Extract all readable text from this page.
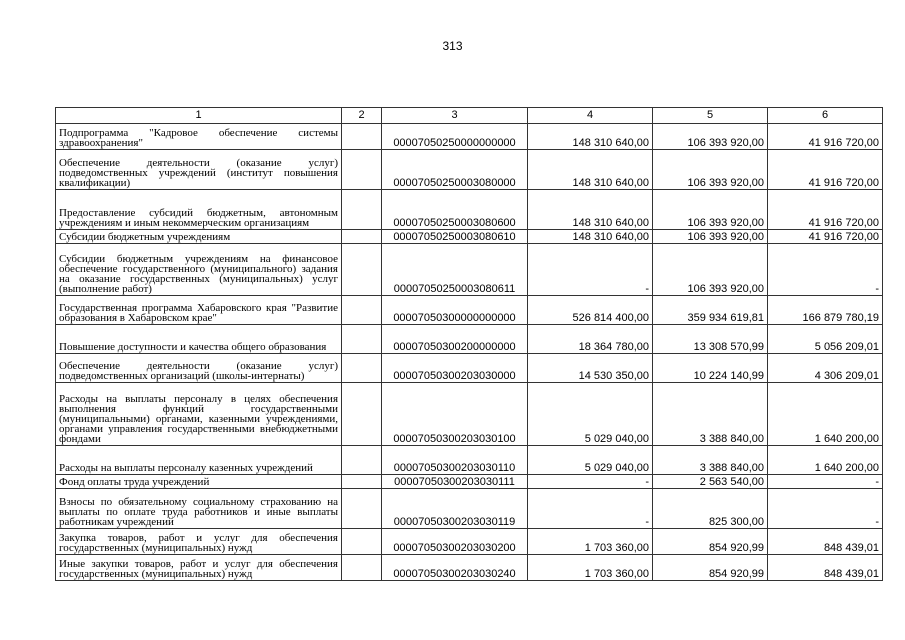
313
1	2	3	4	5	6
Подпрограмма "Кадровое обеспечение системы здравоохранения"		00007050250000000000	148 310 640,00	106 393 920,00	41 916 720,00
Обеспечение деятельности (оказание услуг) подведомственных учреждений (институт повышения квалификации)		00007050250003080000	148 310 640,00	106 393 920,00	41 916 720,00
Предоставление субсидий бюджетным, автономным учреждениям и иным некоммерческим организациям		00007050250003080600	148 310 640,00	106 393 920,00	41 916 720,00
Субсидии бюджетным учреждениям		00007050250003080610	148 310 640,00	106 393 920,00	41 916 720,00
Субсидии бюджетным учреждениям на финансовое обеспечение государственного (муниципального) задания на оказание государственных (муниципальных) услуг (выполнение работ)		00007050250003080611	-	106 393 920,00	-
Государственная программа Хабаровского края "Развитие образования в Хабаровском крае"		00007050300000000000	526 814 400,00	359 934 619,81	166 879 780,19
Повышение доступности и качества общего образования		00007050300200000000	18 364 780,00	13 308 570,99	5 056 209,01
Обеспечение деятельности (оказание услуг) подведомственных организаций (школы-интернаты)		00007050300203030000	14 530 350,00	10 224 140,99	4 306 209,01
Расходы на выплаты персоналу в целях обеспечения выполнения функций государственными (муниципальными) органами, казенными учреждениями, органами управления государственными внебюджетными фондами		00007050300203030100	5 029 040,00	3 388 840,00	1 640 200,00
Расходы на выплаты персоналу казенных учреждений		00007050300203030110	5 029 040,00	3 388 840,00	1 640 200,00
Фонд оплаты труда учреждений		00007050300203030111	-	2 563 540,00	-
Взносы по обязательному социальному страхованию на выплаты по оплате труда работников и иные выплаты работникам учреждений		00007050300203030119	-	825 300,00	-
Закупка товаров, работ и услуг для обеспечения государственных (муниципальных) нужд		00007050300203030200	1 703 360,00	854 920,99	848 439,01
Иные закупки товаров, работ и услуг для обеспечения государственных (муниципальных) нужд		00007050300203030240	1 703 360,00	854 920,99	848 439,01
